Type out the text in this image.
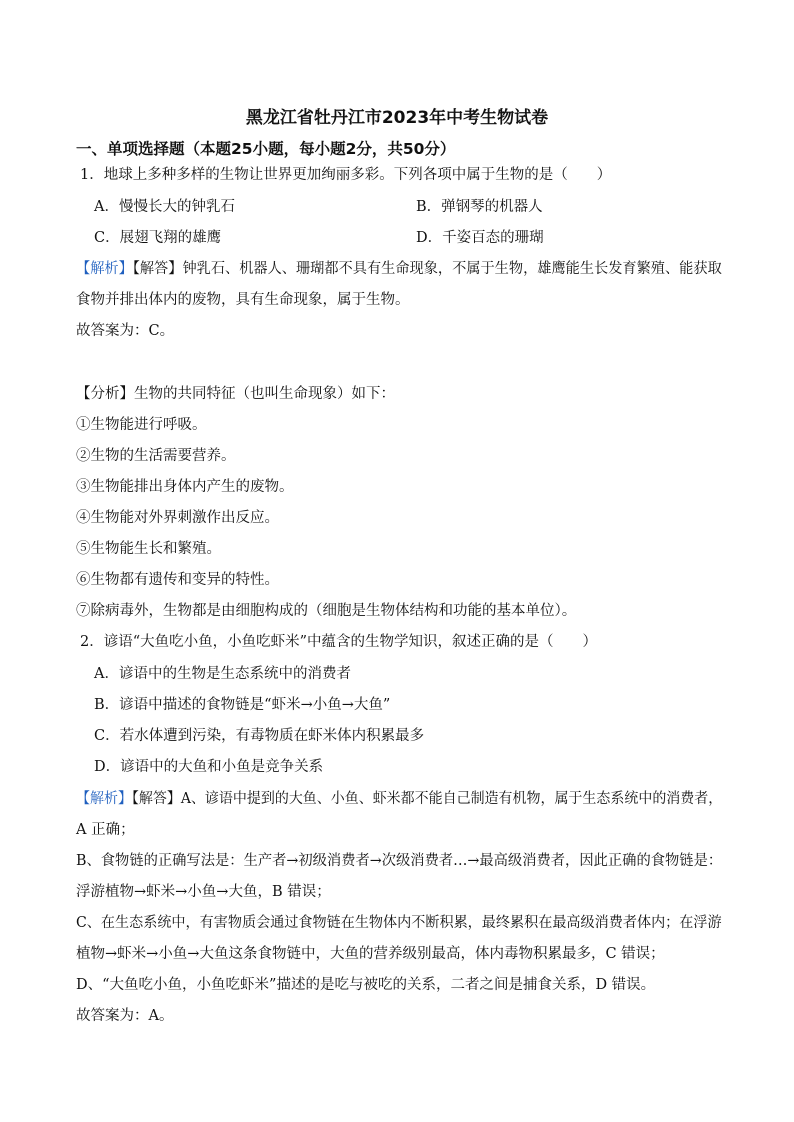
黑龙江省牡丹江市2023年中考生物试卷
一、单项选择题（本题25小题，每小题2分，共50分）
1．地球上多种多样的生物让世界更加绚丽多彩。下列各项中属于生物的是（　　）
A．慢慢长大的钟乳石	B．弹钢琴的机器人
C．展翅飞翔的雄鹰	D．千姿百态的珊瑚
【解析】【解答】钟乳石、机器人、珊瑚都不具有生命现象，不属于生物，雄鹰能生长发育繁殖、能获取
食物并排出体内的废物，具有生命现象，属于生物。
故答案为：C。
【分析】生物的共同特征（也叫生命现象）如下：
①生物能进行呼吸。
②生物的生活需要营养。
③生物能排出身体内产生的废物。
④生物能对外界刺激作出反应。
⑤生物能生长和繁殖。
⑥生物都有遗传和变异的特性。
⑦除病毒外，生物都是由细胞构成的（细胞是生物体结构和功能的基本单位）。
2．谚语“大鱼吃小鱼，小鱼吃虾米”中蕴含的生物学知识，叙述正确的是（　　）
A．谚语中的生物是生态系统中的消费者
B．谚语中描述的食物链是“虾米→小鱼→大鱼”
C．若水体遭到污染，有毒物质在虾米体内积累最多
D．谚语中的大鱼和小鱼是竞争关系
【解析】【解答】A、谚语中提到的大鱼、小鱼、虾米都不能自己制造有机物，属于生态系统中的消费者，
A 正确；
B、食物链的正确写法是：生产者→初级消费者→次级消费者…→最高级消费者，因此正确的食物链是：
浮游植物→虾米→小鱼→大鱼，B 错误；
C、在生态系统中，有害物质会通过食物链在生物体内不断积累，最终累积在最高级消费者体内；在浮游
植物→虾米→小鱼→大鱼这条食物链中，大鱼的营养级别最高，体内毒物积累最多，C 错误；
D、“大鱼吃小鱼，小鱼吃虾米”描述的是吃与被吃的关系，二者之间是捕食关系，D 错误。
故答案为：A。
